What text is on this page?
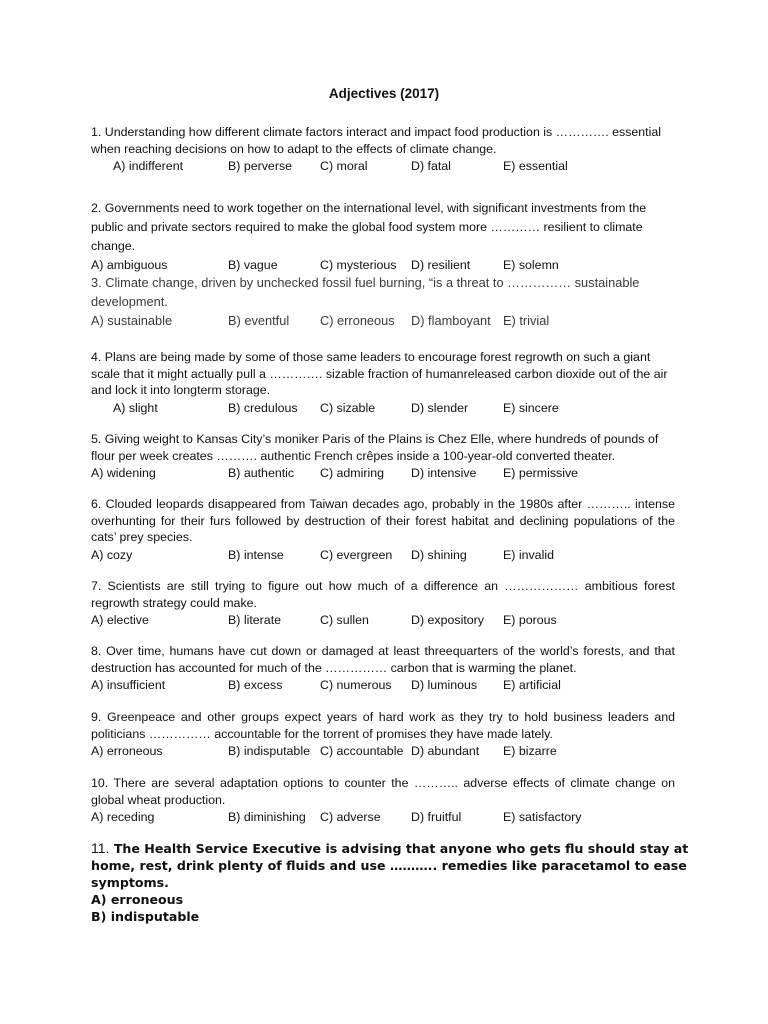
Adjectives (2017)

1. Understanding how different climate factors interact and impact food production is …………. essential when reaching decisions on how to adapt to the effects of climate change.

A) indifferent	B) perverse C) moral	D) fatal	E) essential

2. Governments need to work together on the international level, with significant investments from the public and private sectors required to make the global food system more ………… resilient to climate change.

A) ambiguous	B) vague	C) mysterious D) resilient	E) solemn

3. Climate change, driven by unchecked fossil fuel burning, “is a threat to …………… sustainable development.

A) sustainable	B) eventful C) erroneous D) flamboyant E) trivial

4. Plans are being made by some of those same leaders to encourage forest regrowth on such a giant scale that it might actually pull a …………. sizable fraction of humanreleased carbon dioxide out of the air and lock it into longterm storage.

A) slight	B) credulous C) sizable	D) slender	E) sincere

5. Giving weight to Kansas City’s moniker Paris of the Plains is Chez Elle, where hundreds of pounds of flour per week creates ………. authentic French crêpes inside a 100-year-old converted theater.

A) widening	B) authentic C) admiring D) intensive E) permissive

6. Clouded leopards disappeared from Taiwan decades ago, probably in the 1980s after ……….. intense overhunting for their furs followed by destruction of their forest habitat and declining populations of the cats’ prey species.

A) cozy	B) intense	C) evergreen D) shining	E) invalid

7. Scientists are still trying to figure out how much of a difference an ……………… ambitious forest regrowth strategy could make.

A) elective	B) literate	C) sullen	D) expository E) porous

8. Over time, humans have cut down or damaged at least threequarters of the world’s forests, and that destruction has accounted for much of the …………… carbon that is warming the planet.

A) insufficient	B) excess	C) numerous D) luminous E) artificial

9. Greenpeace and other groups expect years of hard work as they try to hold business leaders and politicians …………… accountable for the torrent of promises they have made lately.

A) erroneous	B) indisputable C) accountable D) abundant E) bizarre

10. There are several adaptation options to counter the ……….. adverse effects of climate change on global wheat production.

A) receding	B) diminishing C) adverse D) fruitful	E) satisfactory

11. The Health Service Executive is advising that anyone who gets flu should stay at home, rest, drink plenty of fluids and use ……….. remedies like paracetamol to ease symptoms.

A) erroneous

B) indisputable
